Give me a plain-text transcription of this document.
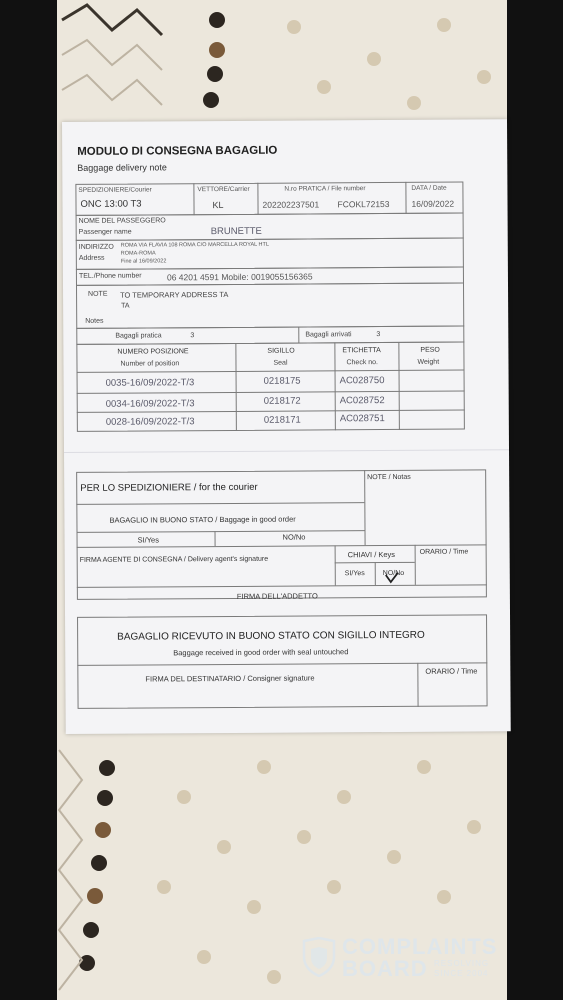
MODULO DI CONSEGNA BAGAGLIO
Baggage delivery note
SPEDIZIONIERE/Courier
ONC 13:00 T3
VETTORE/Carrier
KL
N.ro PRATICA / File number
202202237501 FCOKL72153
DATA / Date
16/09/2022
NOME DEL PASSEGGERO
Passenger name	BRUNETTE
INDIRIZZO
Address
ROMA VIA FLAVIA 108 ROMA C/O MARCELLA ROYAL HTL
ROMA-ROMA
Fine al 16/09/2022
TEL./Phone number	06 4201 4591 Mobile: 0019055156365
NOTE
Notes
TO TEMPORARY ADDRESS TA
TA
Bagagli pratica	3	Bagagli arrivati	3
NUMERO POSIZIONE
Number of position
SIGILLO
Seal
ETICHETTA
Check no.
PESO
Weight
0035-16/09/2022-T/3	0218175	AC028750
0034-16/09/2022-T/3	0218172	AC028752
0028-16/09/2022-T/3	0218171	AC028751
PER LO SPEDIZIONIERE / for the courier
NOTE / Notas
BAGAGLIO IN BUONO STATO / Baggage in good order
SI/Yes	NO/No
FIRMA AGENTE DI CONSEGNA / Delivery agent's signature
CHIAVI / Keys
SI/Yes	NO/No
ORARIO / Time
FIRMA DELL'ADDETTO
BAGAGLIO RICEVUTO IN BUONO STATO CON SIGILLO INTEGRO
Baggage received in good order with seal untouched
FIRMA DEL DESTINATARIO / Consigner signature
ORARIO / Time
COMPLAINTS
BOARD RESOLVING
SINCE 2004
